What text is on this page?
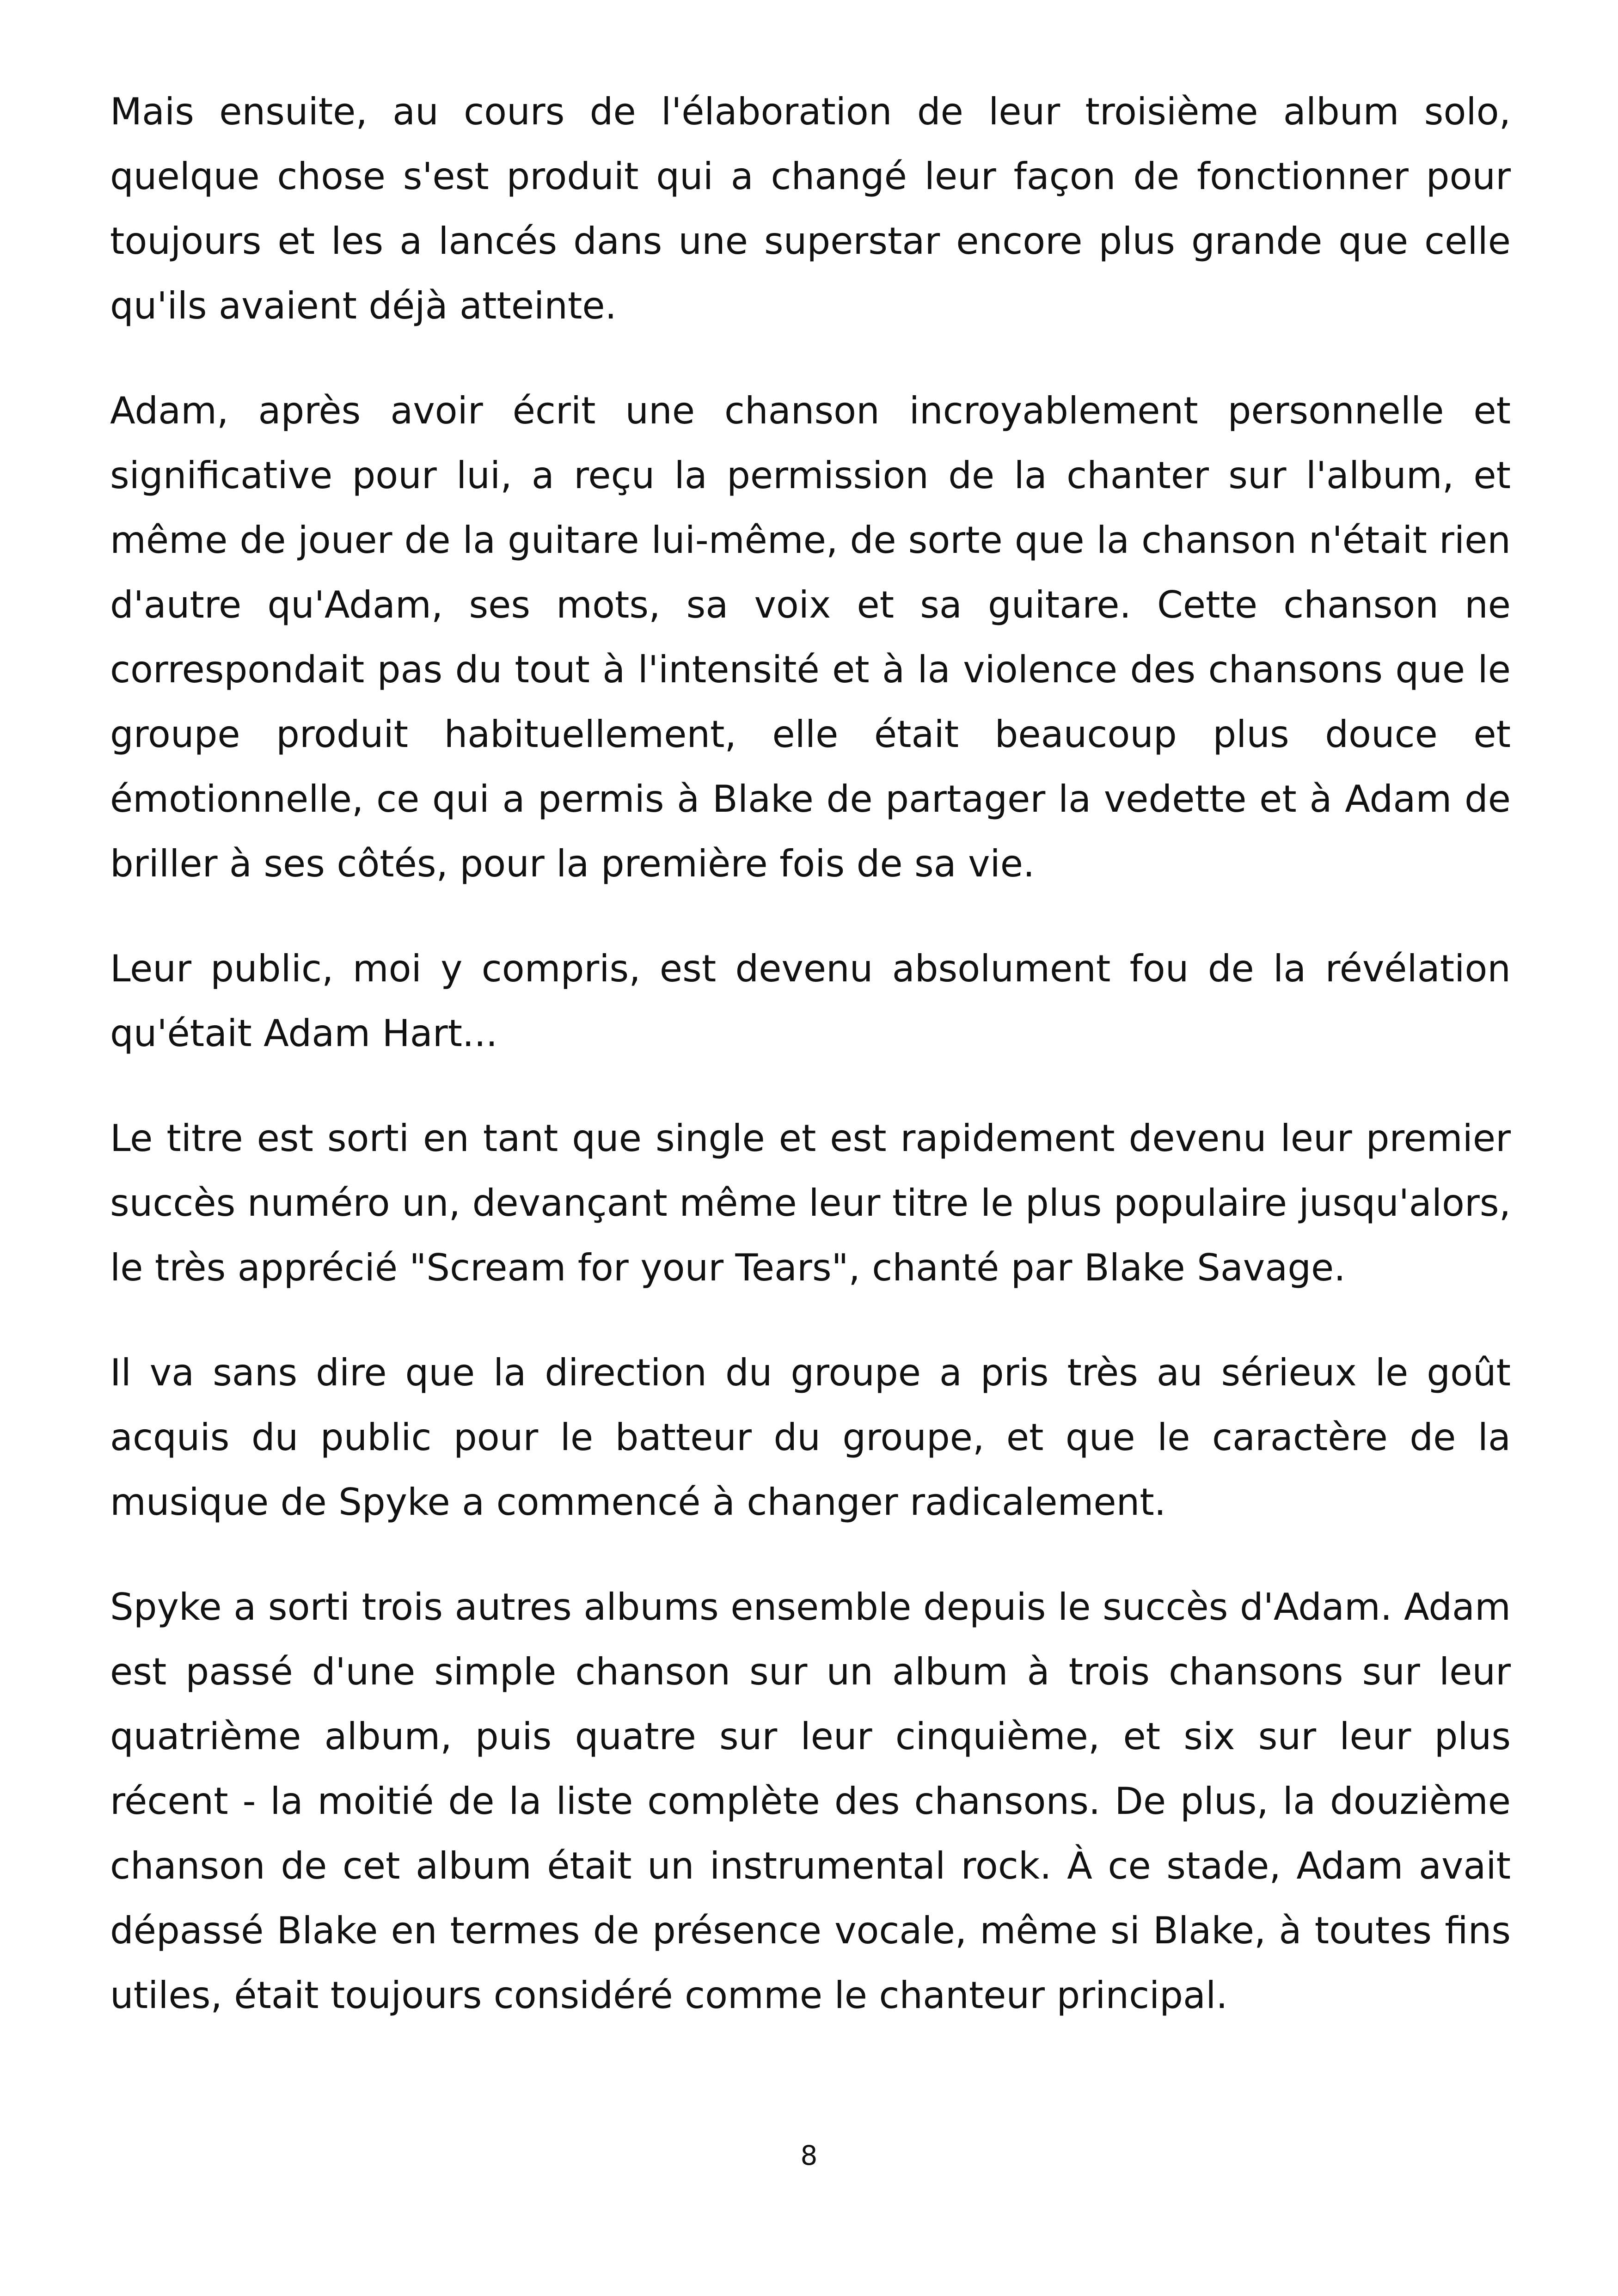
Mais ensuite, au cours de l'élaboration de leur troisième album solo, quelque chose s'est produit qui a changé leur façon de fonctionner pour toujours et les a lancés dans une superstar encore plus grande que celle qu'ils avaient déjà atteinte.

Adam, après avoir écrit une chanson incroyablement personnelle et significative pour lui, a reçu la permission de la chanter sur l'album, et même de jouer de la guitare lui-même, de sorte que la chanson n'était rien d'autre qu'Adam, ses mots, sa voix et sa guitare. Cette chanson ne correspondait pas du tout à l'intensité et à la violence des chansons que le groupe produit habituellement, elle était beaucoup plus douce et émotionnelle, ce qui a permis à Blake de partager la vedette et à Adam de briller à ses côtés, pour la première fois de sa vie.

Leur public, moi y compris, est devenu absolument fou de la révélation qu'était Adam Hart...

Le titre est sorti en tant que single et est rapidement devenu leur premier succès numéro un, devançant même leur titre le plus populaire jusqu'alors, le très apprécié "Scream for your Tears", chanté par Blake Savage.

Il va sans dire que la direction du groupe a pris très au sérieux le goût acquis du public pour le batteur du groupe, et que le caractère de la musique de Spyke a commencé à changer radicalement.

Spyke a sorti trois autres albums ensemble depuis le succès d'Adam. Adam est passé d'une simple chanson sur un album à trois chansons sur leur quatrième album, puis quatre sur leur cinquième, et six sur leur plus récent - la moitié de la liste complète des chansons. De plus, la douzième chanson de cet album était un instrumental rock. À ce stade, Adam avait dépassé Blake en termes de présence vocale, même si Blake, à toutes fins utiles, était toujours considéré comme le chanteur principal.

8
